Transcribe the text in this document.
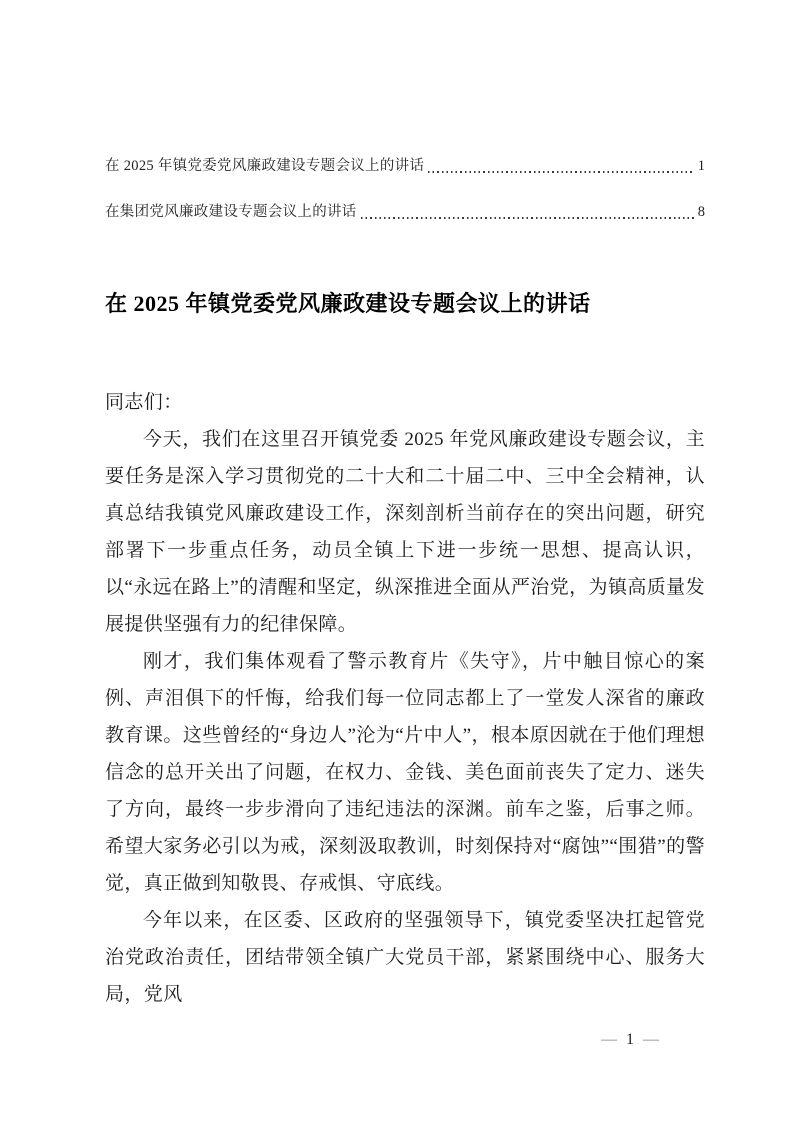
在 2025 年镇党委党风廉政建设专题会议上的讲话	1
在集团党风廉政建设专题会议上的讲话	8
在 2025 年镇党委党风廉政建设专题会议上的讲话

同志们：

今天，我们在这里召开镇党委 2025 年党风廉政建设专题会议，主要任务是深入学习贯彻党的二十大和二十届二中、三中全会精神，认真总结我镇党风廉政建设工作，深刻剖析当前存在的突出问题，研究部署下一步重点任务，动员全镇上下进一步统一思想、提高认识，以“永远在路上”的清醒和坚定，纵深推进全面从严治党，为镇高质量发展提供坚强有力的纪律保障。

刚才，我们集体观看了警示教育片《失守》，片中触目惊心的案例、声泪俱下的忏悔，给我们每一位同志都上了一堂发人深省的廉政教育课。这些曾经的“身边人”沦为“片中人”，根本原因就在于他们理想信念的总开关出了问题，在权力、金钱、美色面前丧失了定力、迷失了方向，最终一步步滑向了违纪违法的深渊。前车之鉴，后事之师。希望大家务必引以为戒，深刻汲取教训，时刻保持对“腐蚀”“围猎”的警觉，真正做到知敬畏、存戒惧、守底线。

今年以来，在区委、区政府的坚强领导下，镇党委坚决扛起管党治党政治责任，团结带领全镇广大党员干部，紧紧围绕中心、服务大局，党风

— 1 —
